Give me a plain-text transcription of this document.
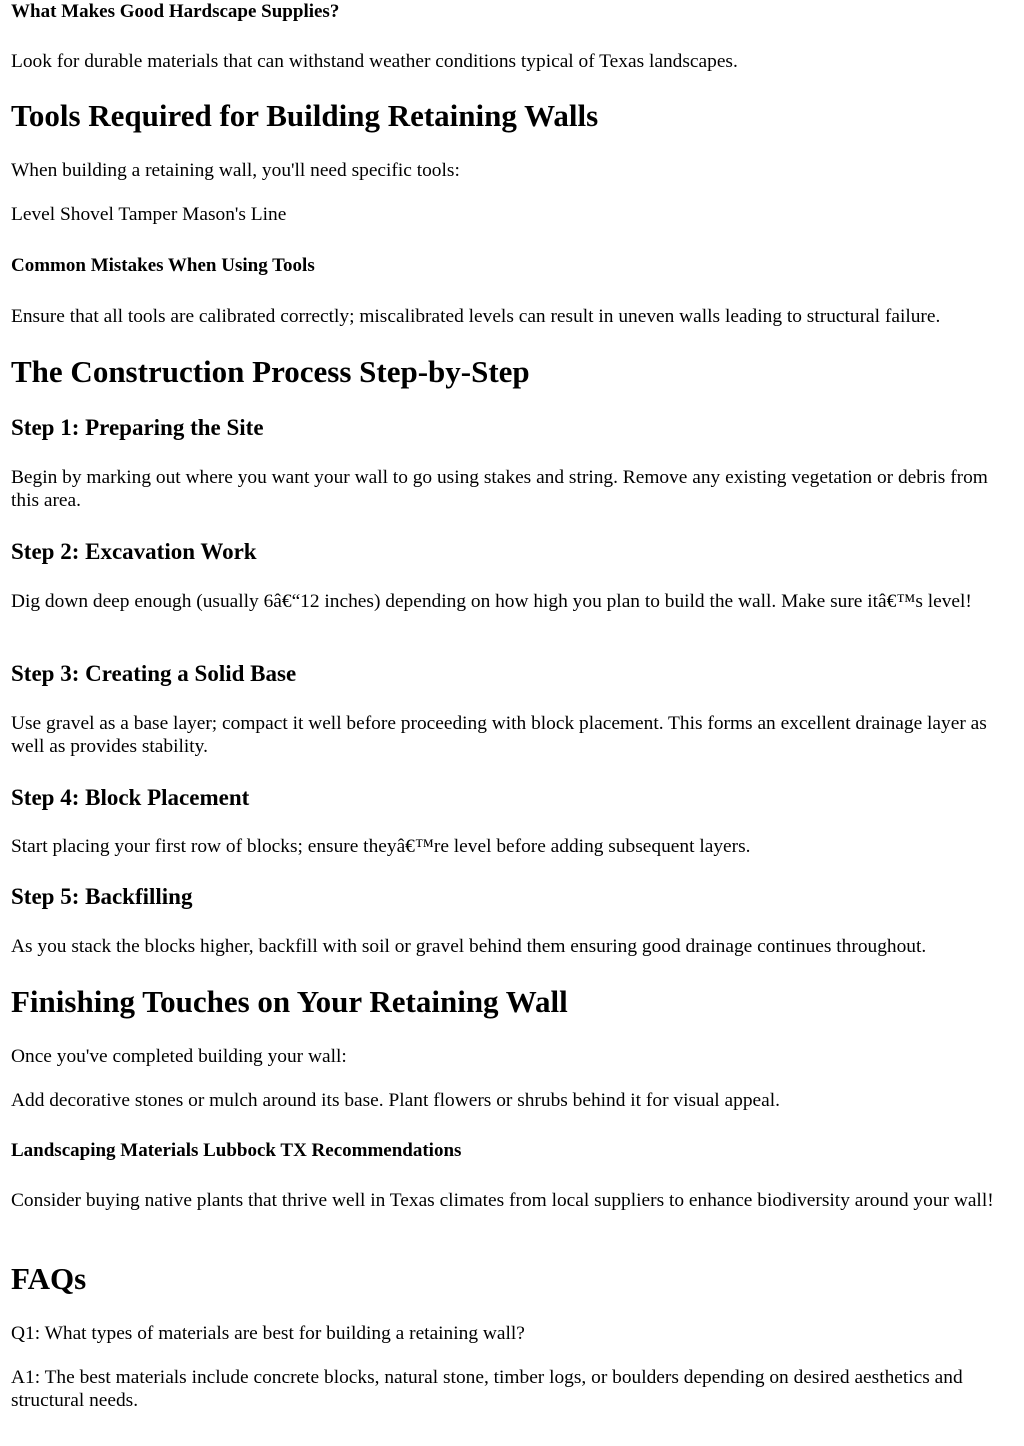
What Makes Good Hardscape Supplies?

Look for durable materials that can withstand weather conditions typical of Texas landscapes.

Tools Required for Building Retaining Walls

When building a retaining wall, you'll need specific tools:

Level Shovel Tamper Mason's Line

Common Mistakes When Using Tools

Ensure that all tools are calibrated correctly; miscalibrated levels can result in uneven walls leading to structural failure.

The Construction Process Step-by-Step
Step 1: Preparing the Site

Begin by marking out where you want your wall to go using stakes and string. Remove any existing vegetation or debris from this area.

Step 2: Excavation Work

Dig down deep enough (usually 6â€“12 inches) depending on how high you plan to build the wall. Make sure itâ€™s level!

Step 3: Creating a Solid Base

Use gravel as a base layer; compact it well before proceeding with block placement. This forms an excellent drainage layer as well as provides stability.

Step 4: Block Placement

Start placing your first row of blocks; ensure theyâ€™re level before adding subsequent layers.

Step 5: Backfilling

As you stack the blocks higher, backfill with soil or gravel behind them ensuring good drainage continues throughout.

Finishing Touches on Your Retaining Wall

Once you've completed building your wall:

Add decorative stones or mulch around its base. Plant flowers or shrubs behind it for visual appeal.

Landscaping Materials Lubbock TX Recommendations

Consider buying native plants that thrive well in Texas climates from local suppliers to enhance biodiversity around your wall!

FAQs

Q1: What types of materials are best for building a retaining wall?

A1: The best materials include concrete blocks, natural stone, timber logs, or boulders depending on desired aesthetics and structural needs.
